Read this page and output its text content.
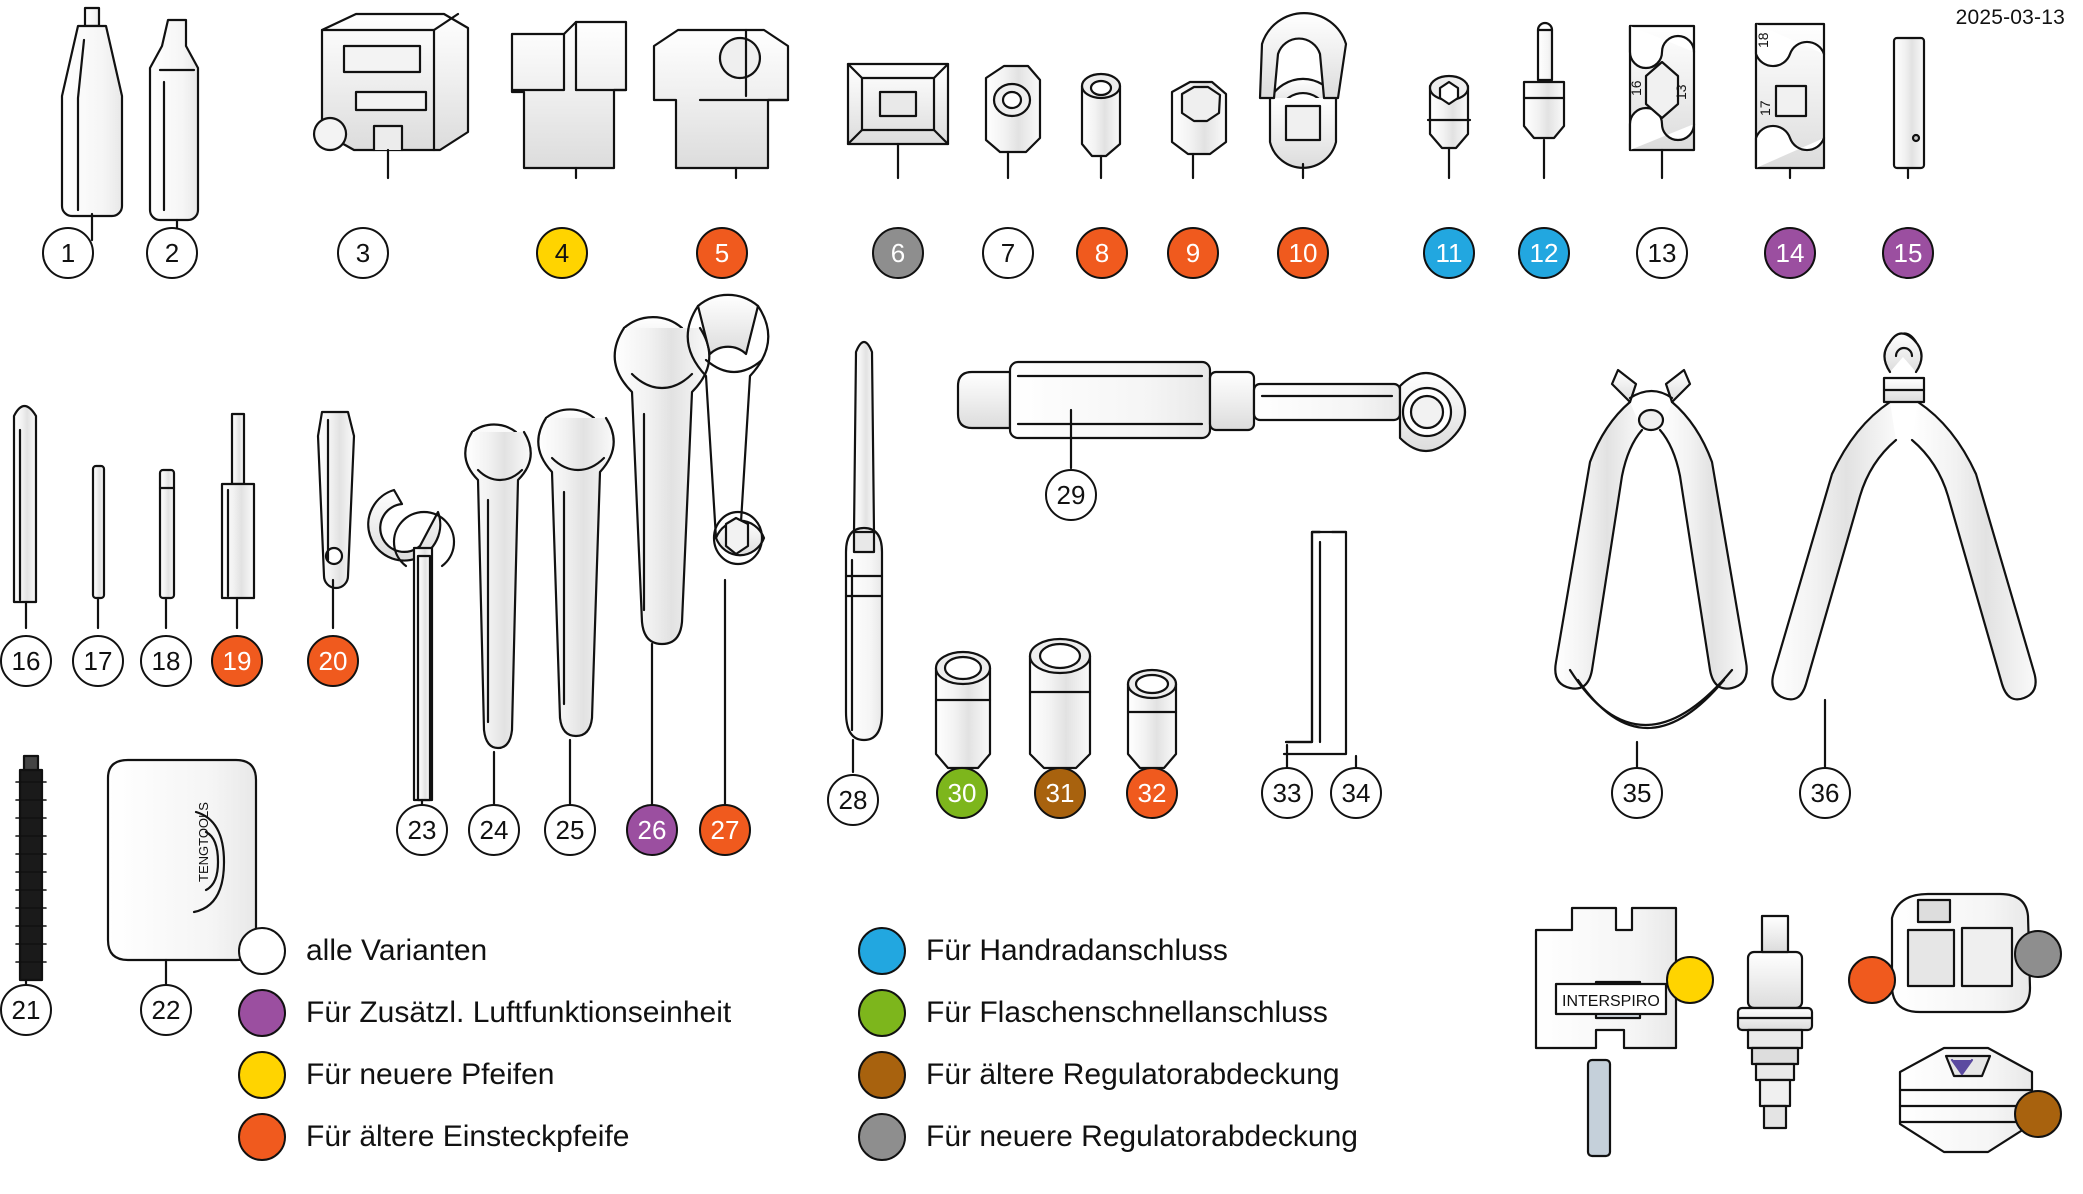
2025-03-13
16 13
18
17
TENGTOOLS
INTERSPIRO
1	2	3	4	5	6	7	8	9	10	11	12	13	14	15
16 17 18 19	20
21	22
23 24 25 26 27
28
29
30	31 32	33 34	35	36
alle Varianten	Für Handradanschluss
Für Zusätzl. Luftfunktionseinheit	Für Flaschenschnellanschluss
Für neuere Pfeifen	Für ältere Regulatorabdeckung
Für ältere Einsteckpfeife	Für neuere Regulatorabdeckung
